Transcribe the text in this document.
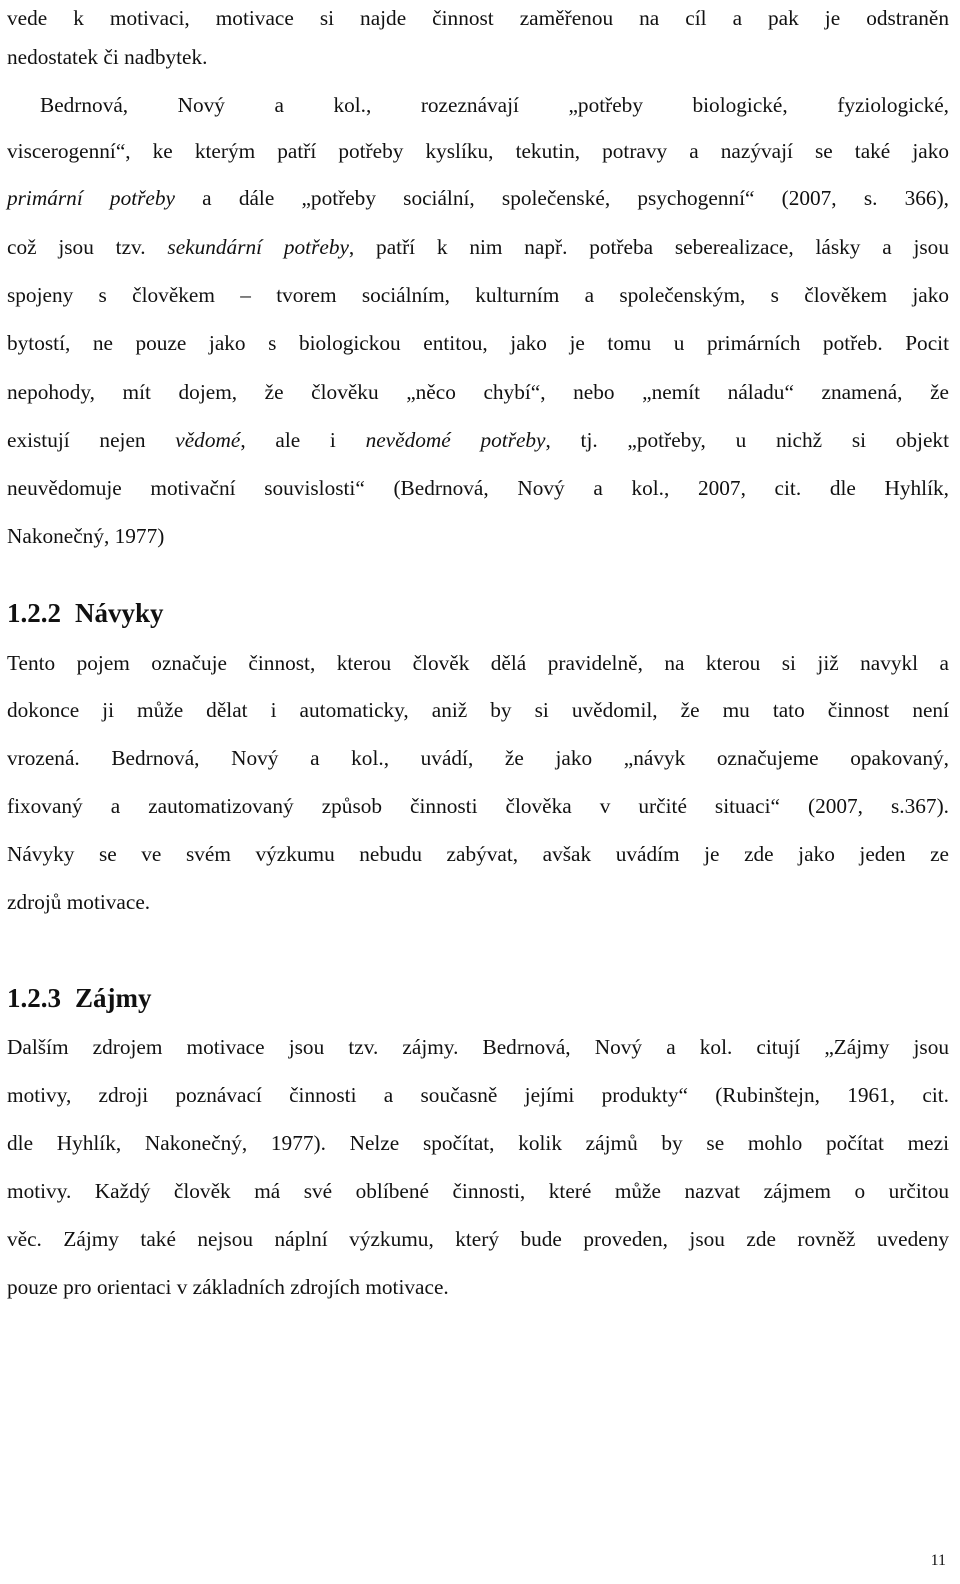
vede k motivaci, motivace si najde činnost zaměřenou na cíl a pak je odstraněn
nedostatek či nadbytek.
Bedrnová, Nový a kol., rozeznávají „potřeby biologické, fyziologické,
viscerogenní“, ke kterým patří potřeby kyslíku, tekutin, potravy a nazývají se také jako
primární potřeby a dále „potřeby sociální, společenské, psychogenní“ (2007, s. 366),
což jsou tzv. sekundární potřeby, patří k nim např. potřeba seberealizace, lásky a jsou
spojeny s člověkem – tvorem sociálním, kulturním a společenským, s člověkem jako
bytostí, ne pouze jako s biologickou entitou, jako je tomu u primárních potřeb. Pocit
nepohody, mít dojem, že člověku „něco chybí“, nebo „nemít náladu“ znamená, že
existují nejen vědomé, ale i nevědomé potřeby, tj. „potřeby, u nichž si objekt
neuvědomuje motivační souvislosti“ (Bedrnová, Nový a kol., 2007, cit. dle Hyhlík,
Nakonečný, 1977)
1.2.2 Návyky
Tento pojem označuje činnost, kterou člověk dělá pravidelně, na kterou si již navykl a
dokonce ji může dělat i automaticky, aniž by si uvědomil, že mu tato činnost není
vrozená. Bedrnová, Nový a kol., uvádí, že jako „návyk označujeme opakovaný,
fixovaný a zautomatizovaný způsob činnosti člověka v určité situaci“ (2007, s.367).
Návyky se ve svém výzkumu nebudu zabývat, avšak uvádím je zde jako jeden ze
zdrojů motivace.
1.2.3 Zájmy
Dalším zdrojem motivace jsou tzv. zájmy. Bedrnová, Nový a kol. citují „Zájmy jsou
motivy, zdroji poznávací činnosti a současně jejími produkty“ (Rubinštejn, 1961, cit.
dle Hyhlík, Nakonečný, 1977). Nelze spočítat, kolik zájmů by se mohlo počítat mezi
motivy. Každý člověk má své oblíbené činnosti, které může nazvat zájmem o určitou
věc. Zájmy také nejsou náplní výzkumu, který bude proveden, jsou zde rovněž uvedeny
pouze pro orientaci v základních zdrojích motivace.
11
